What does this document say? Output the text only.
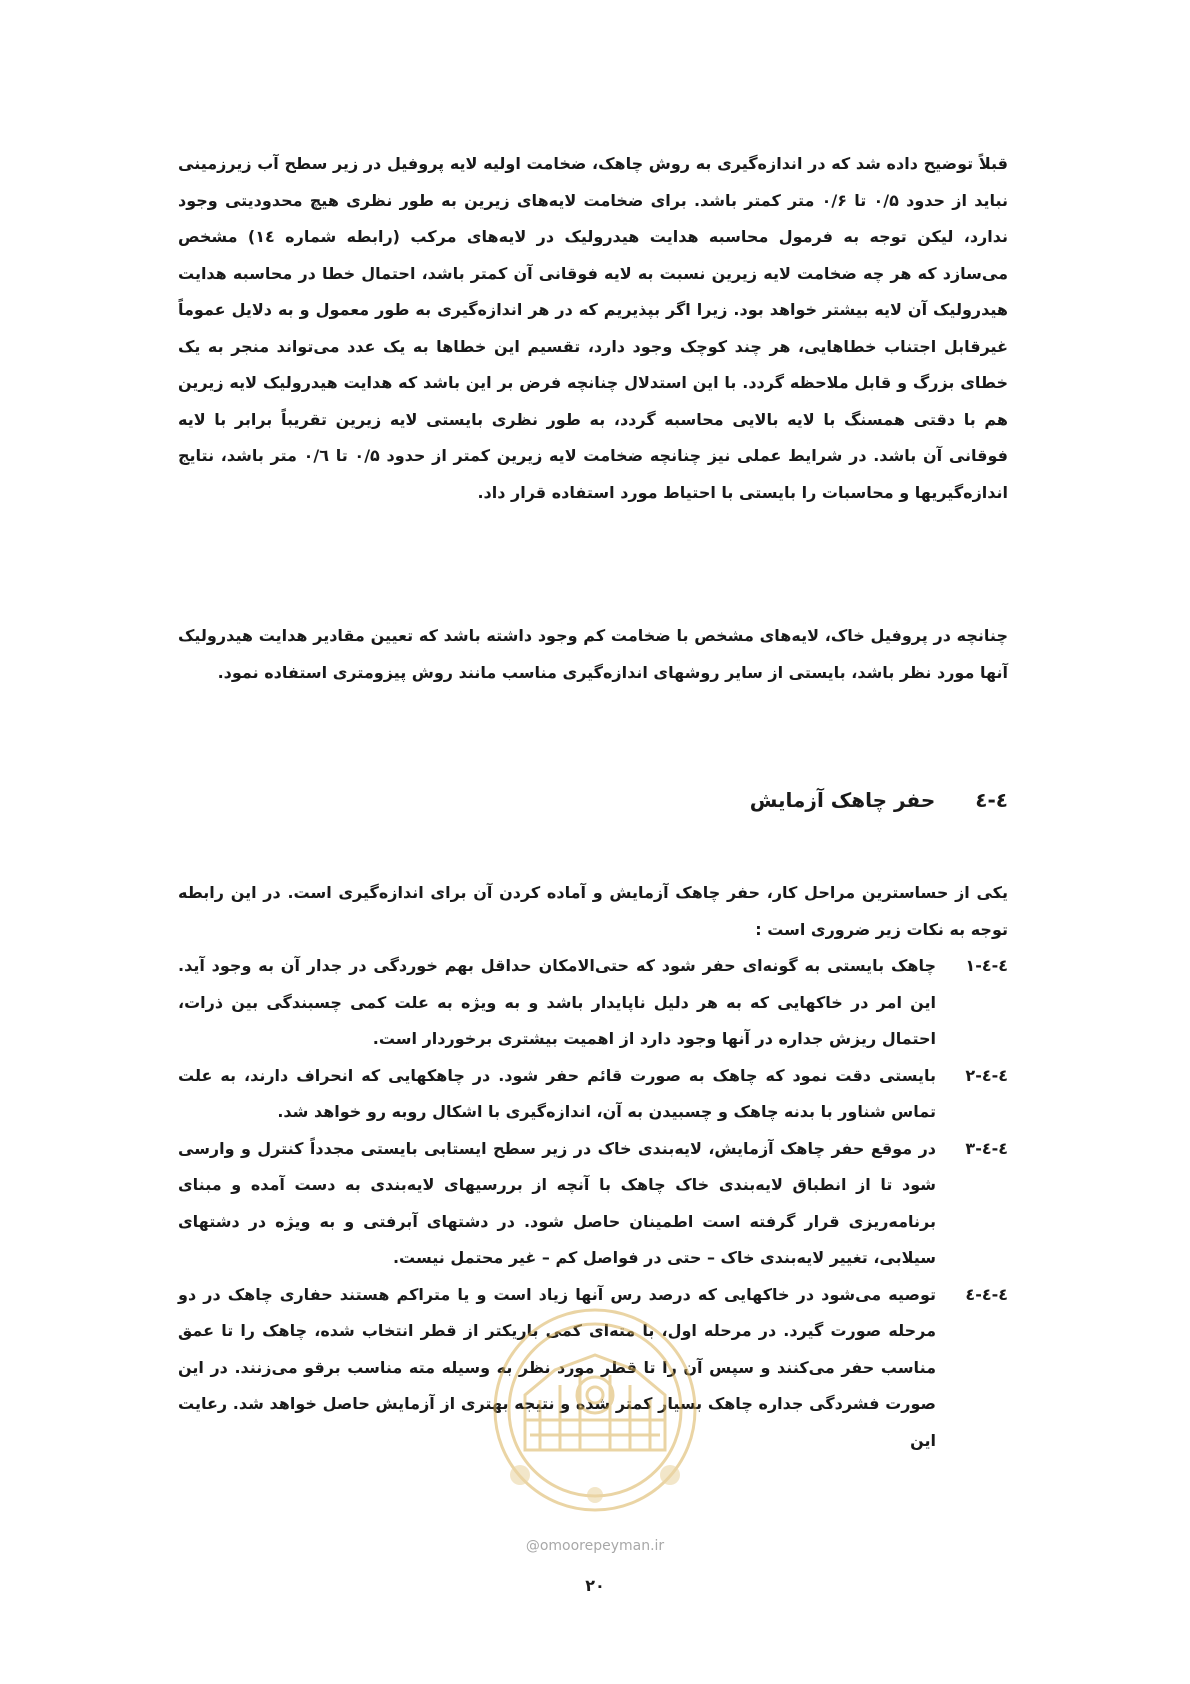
قبلاً توضیح داده شد که در اندازه‌گیری به روش چاهک، ضخامت اولیه لایه پروفیل در زیر سطح آب زیرزمینی نباید از حدود ۰/۵ تا ۰/۶ متر کمتر باشد. برای ضخامت لایه‌های زیرین به طور نظری هیچ محدودیتی وجود ندارد، لیکن توجه به فرمول محاسبه هدایت هیدرولیک در لایه‌های مرکب (رابطه شماره ۱٤) مشخص می‌سازد که هر چه ضخامت لایه زیرین نسبت به لایه فوقانی آن کمتر باشد، احتمال خطا در محاسبه هدایت هیدرولیک آن لایه بیشتر خواهد بود. زیرا اگر بپذیریم که در هر اندازه‌گیری به طور معمول و به دلایل عموماً غیرقابل اجتناب خطاهایی، هر چند کوچک وجود دارد، تقسیم این خطاها به یک عدد می‌تواند منجر به یک خطای بزرگ و قابل ملاحظه گردد. با این استدلال چنانچه فرض بر این باشد که هدایت هیدرولیک لایه زیرین هم با دقتی همسنگ با لایه بالایی محاسبه گردد، به طور نظری بایستی لایه زیرین تقریباً برابر با لایه فوقانی آن باشد. در شرایط عملی نیز چنانچه ضخامت لایه زیرین کمتر از حدود ۰/۵ تا ۰/٦ متر باشد، نتایج اندازه‌گیریها و محاسبات را بایستی با احتیاط مورد استفاده قرار داد.

چنانچه در پروفیل خاک، لایه‌های مشخص با ضخامت کم وجود داشته باشد که تعیین مقادیر هدایت هیدرولیک آنها مورد نظر باشد، بایستی از سایر روشهای اندازه‌گیری مناسب مانند روش پیزومتری استفاده نمود.

٤-٤حفر چاهک آزمایش

یکی از حساسترین مراحل کار، حفر چاهک آزمایش و آماده کردن آن برای اندازه‌گیری است. در این رابطه توجه به نکات زیر ضروری است :

٤-٤-١چاهک بایستی به گونه‌ای حفر شود که حتی‌الامکان حداقل بهم خوردگی در جدار آن به وجود آید. این امر در خاکهایی که به هر دلیل ناپایدار باشد و به ویژه به علت کمی چسبندگی بین ذرات، احتمال ریزش جداره در آنها وجود دارد از اهمیت بیشتری برخوردار است.
٤-٤-٢بایستی دقت نمود که چاهک به صورت قائم حفر شود. در چاهکهایی که انحراف دارند، به علت تماس شناور با بدنه چاهک و چسبیدن به آن، اندازه‌گیری با اشکال روبه رو خواهد شد.
٤-٤-٣در موقع حفر چاهک آزمایش، لایه‌بندی خاک در زیر سطح ایستابی بایستی مجدداً کنترل و وارسی شود تا از انطباق لایه‌بندی خاک چاهک با آنچه از بررسیهای لایه‌بندی به دست آمده و مبنای برنامه‌ریزی قرار گرفته است اطمینان حاصل شود. در دشتهای آبرفتی و به ویژه در دشتهای سیلابی، تغییر لایه‌بندی خاک – حتی در فواصل کم – غیر محتمل نیست.
٤-٤-٤توصیه می‌شود در خاکهایی که درصد رس آنها زیاد است و یا متراکم هستند حفاری چاهک در دو مرحله صورت گیرد. در مرحله اول، با مته‌ای کمی باریکتر از قطر انتخاب شده، چاهک را تا عمق مناسب حفر می‌کنند و سپس آن را تا قطر مورد نظر به وسیله مته مناسب برقو می‌زنند. در این صورت فشردگی جداره چاهک بسیار کمتر شده و نتیجه بهتری از آزمایش حاصل خواهد شد. رعایت این
@omoorepeyman.ir
۲۰
